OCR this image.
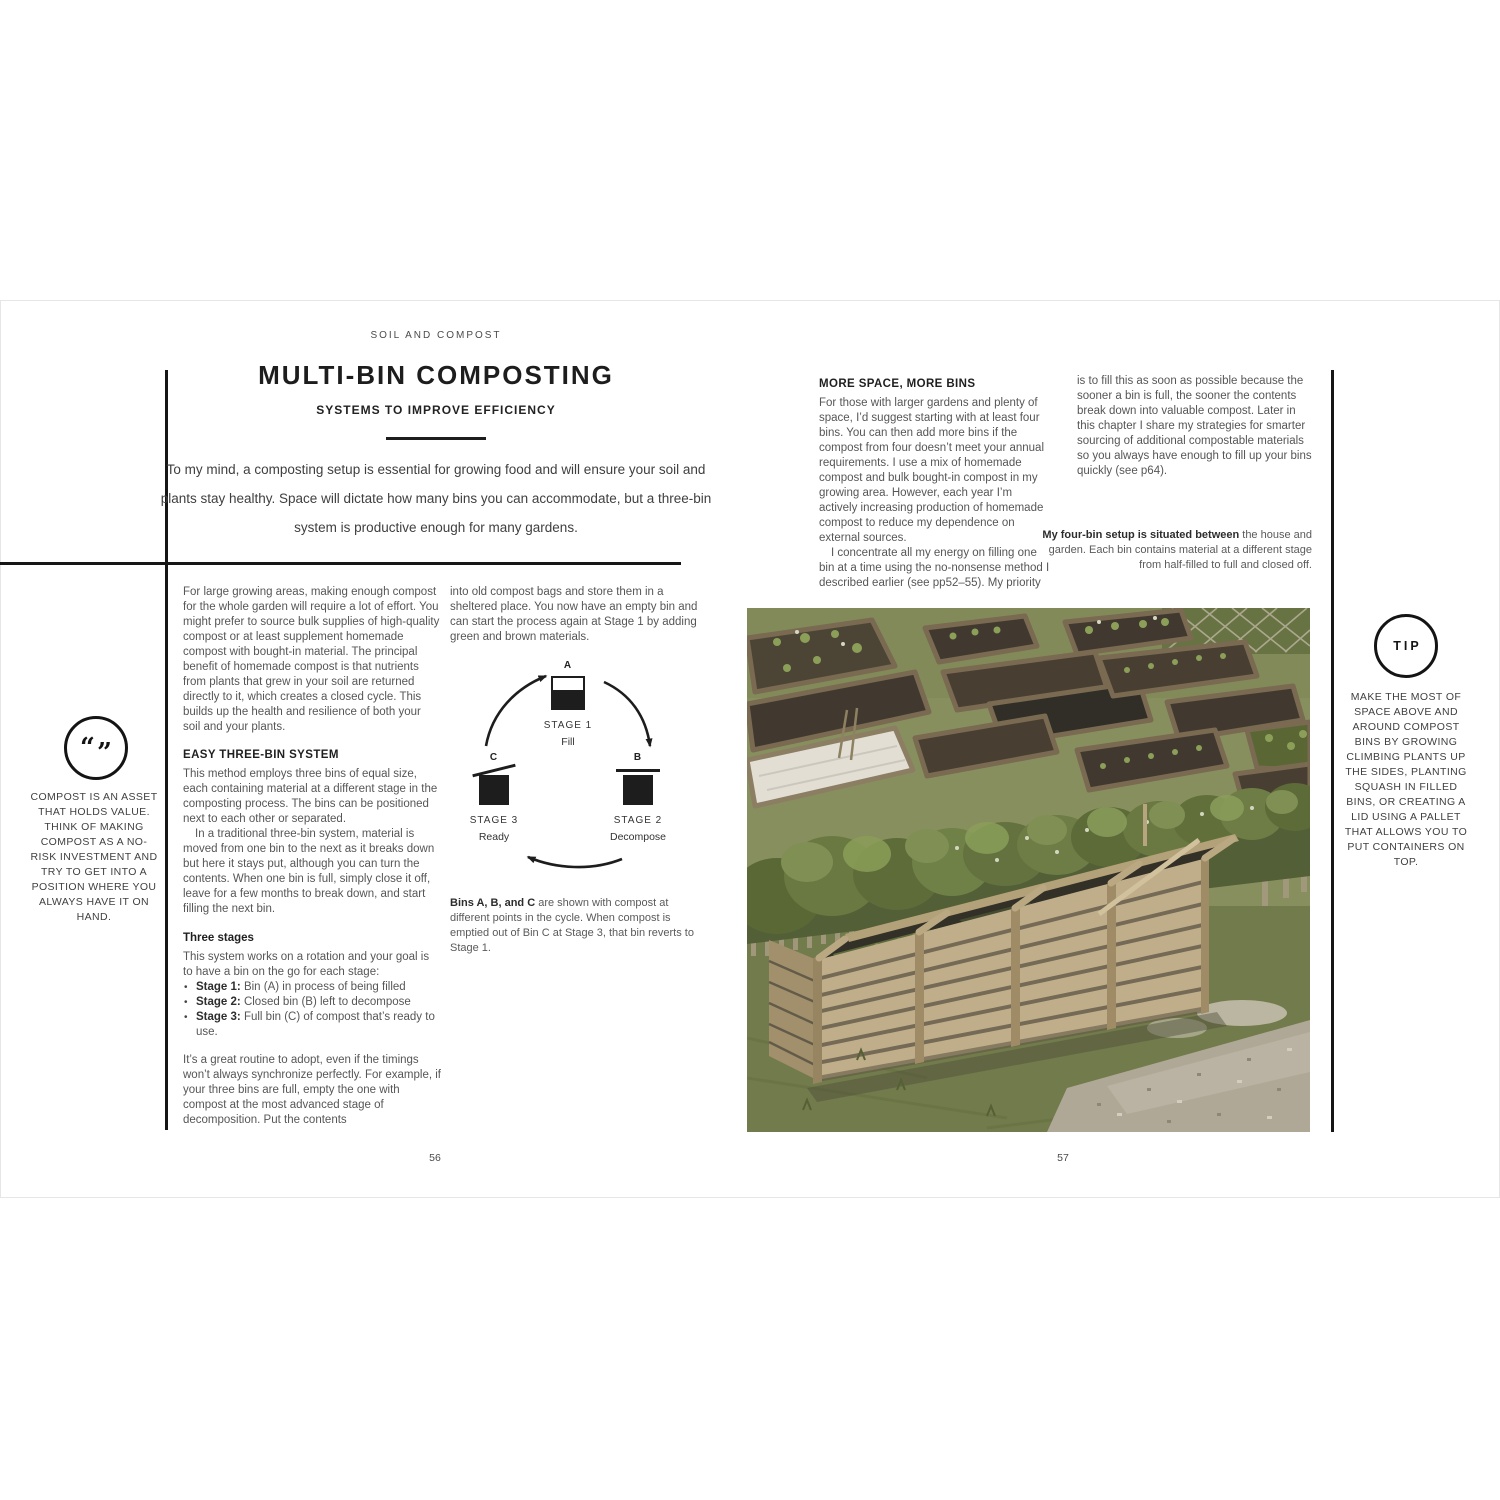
SOIL AND COMPOST
MULTI-BIN COMPOSTING
SYSTEMS TO IMPROVE EFFICIENCY
To my mind, a composting setup is essential for growing food and will ensure your soil and plants stay healthy. Space will dictate how many bins you can accommodate, but a three-bin system is productive enough for many gardens.
“ ”
COMPOST IS AN ASSET THAT HOLDS VALUE. THINK OF MAKING COMPOST AS A NO-RISK INVESTMENT AND TRY TO GET INTO A POSITION WHERE YOU ALWAYS HAVE IT ON HAND.

For large growing areas, making enough compost for the whole garden will require a lot of effort. You might prefer to source bulk supplies of high-quality compost or at least supplement homemade compost with bought-in material. The principal benefit of homemade compost is that nutrients from plants that grew in your soil are returned directly to it, which creates a closed cycle. This builds up the health and resilience of both your soil and your plants.

EASY THREE-BIN SYSTEM

This method employs three bins of equal size, each containing material at a different stage in the composting process. The bins can be positioned next to each other or separated.

In a traditional three-bin system, material is moved from one bin to the next as it breaks down but here it stays put, although you can turn the contents. When one bin is full, simply close it off, leave for a few months to break down, and start filling the next bin.

Three stages

This system works on a rotation and your goal is to have a bin on the go for each stage:

• Stage 1: Bin (A) in process of being filled
• Stage 2: Closed bin (B) left to decompose
• Stage 3: Full bin (C) of compost that’s ready to use.

It’s a great routine to adopt, even if the timings won’t always synchronize perfectly. For example, if your three bins are full, empty the one with compost at the most advanced stage of decomposition. Put the contents

into old compost bags and store them in a sheltered place. You now have an empty bin and can start the process again at Stage 1 by adding green and brown materials.

A
STAGE 1
Fill
B
STAGE 2
Decompose
C
STAGE 3
Ready
Bins A, B, and C are shown with compost at different points in the cycle. When compost is emptied out of Bin C at Stage 3, that bin reverts to Stage 1.
MORE SPACE, MORE BINS

For those with larger gardens and plenty of space, I’d suggest starting with at least four bins. You can then add more bins if the compost from four doesn’t meet your annual requirements. I use a mix of homemade compost and bulk bought-in compost in my growing area. However, each year I’m actively increasing production of homemade compost to reduce my dependence on external sources.

I concentrate all my energy on filling one bin at a time using the no-nonsense method I described earlier (see pp52–55). My priority

is to fill this as soon as possible because the sooner a bin is full, the sooner the contents break down into valuable compost. Later in this chapter I share my strategies for smarter sourcing of additional compostable materials so you always have enough to fill up your bins quickly (see p64).

My four-bin setup is situated between the house and garden. Each bin contains material at a different stage from half-filled to full and closed off.
TIP
MAKE THE MOST OF SPACE ABOVE AND AROUND COMPOST BINS BY GROWING CLIMBING PLANTS UP THE SIDES, PLANTING SQUASH IN FILLED BINS, OR CREATING A LID USING A PALLET THAT ALLOWS YOU TO PUT CONTAINERS ON TOP.
56	57
